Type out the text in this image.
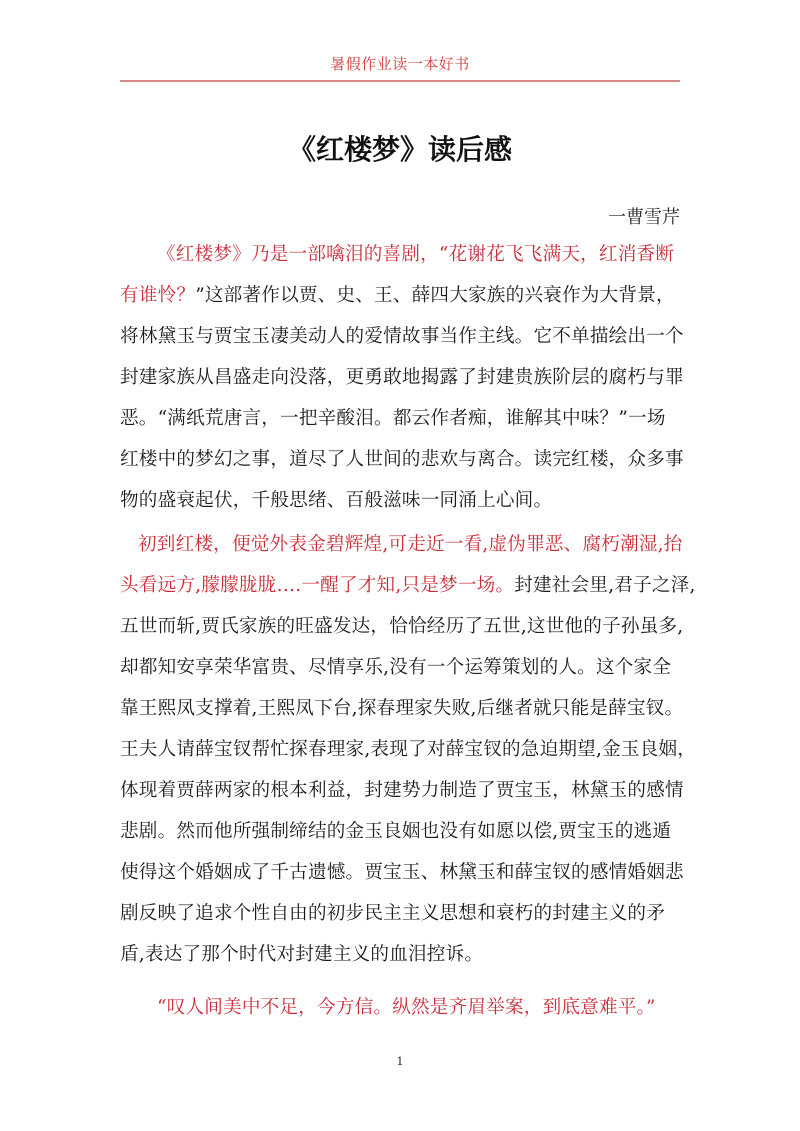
暑假作业读一本好书
《红楼梦》读后感
一曹雪芹
《红楼梦》乃是一部噙泪的喜剧，“花谢花飞飞满天，红消香断
有谁怜？”这部著作以贾、史、王、薛四大家族的兴衰作为大背景，
将林黛玉与贾宝玉凄美动人的爱情故事当作主线。它不单描绘出一个
封建家族从昌盛走向没落，更勇敢地揭露了封建贵族阶层的腐朽与罪
恶。“满纸荒唐言，一把辛酸泪。都云作者痴，谁解其中味？”一场
红楼中的梦幻之事，道尽了人世间的悲欢与离合。读完红楼，众多事
物的盛衰起伏，千般思绪、百般滋味一同涌上心间。
初到红楼，便觉外表金碧辉煌,可走近一看,虚伪罪恶、腐朽潮湿,抬
头看远方,朦朦胧胧….一醒了才知,只是梦一场。封建社会里,君子之泽,
五世而斩,贾氏家族的旺盛发达，恰恰经历了五世,这世他的子孙虽多,
却都知安享荣华富贵、尽情享乐,没有一个运筹策划的人。这个家全
靠王熙凤支撑着,王熙凤下台,探春理家失败,后继者就只能是薛宝钗。
王夫人请薛宝钗帮忙探春理家,表现了对薛宝钗的急迫期望,金玉良姻，
体现着贾薛两家的根本利益，封建势力制造了贾宝玉，林黛玉的感情
悲剧。然而他所强制缔结的金玉良姻也没有如愿以偿,贾宝玉的逃遁
使得这个婚姻成了千古遗憾。贾宝玉、林黛玉和薛宝钗的感情婚姻悲
剧反映了追求个性自由的初步民主主义思想和衰朽的封建主义的矛
盾,表达了那个时代对封建主义的血泪控诉。
“叹人间美中不足，今方信。纵然是齐眉举案，到底意难平。”
1
